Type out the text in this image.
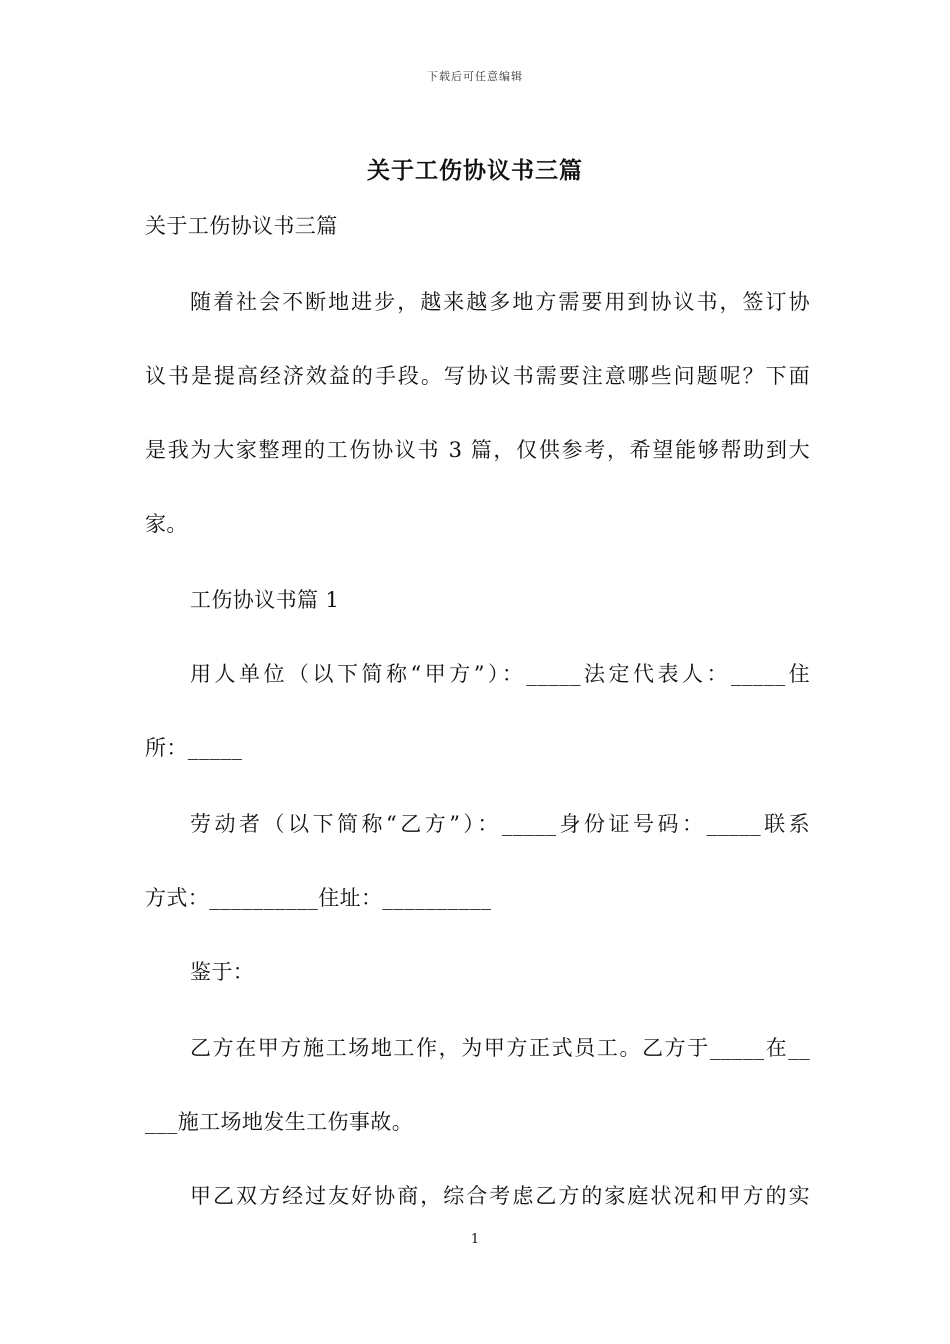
下载后可任意编辑
关于工伤协议书三篇
关于工伤协议书三篇
随着社会不断地进步，越来越多地方需要用到协议书，签订协
议书是提高经济效益的手段。写协议书需要注意哪些问题呢？下面
是我为大家整理的工伤协议书 3 篇，仅供参考，希望能够帮助到大
家。
工伤协议书篇 1
用人单位（以下简称“甲方”）：_____法定代表人：_____住
所：_____
劳动者（以下简称“乙方”）：_____身份证号码：_____联系
方式：__________住址：__________
鉴于：
乙方在甲方施工场地工作，为甲方正式员工。乙方于_____在__
___施工场地发生工伤事故。
甲乙双方经过友好协商，综合考虑乙方的家庭状况和甲方的实
1
